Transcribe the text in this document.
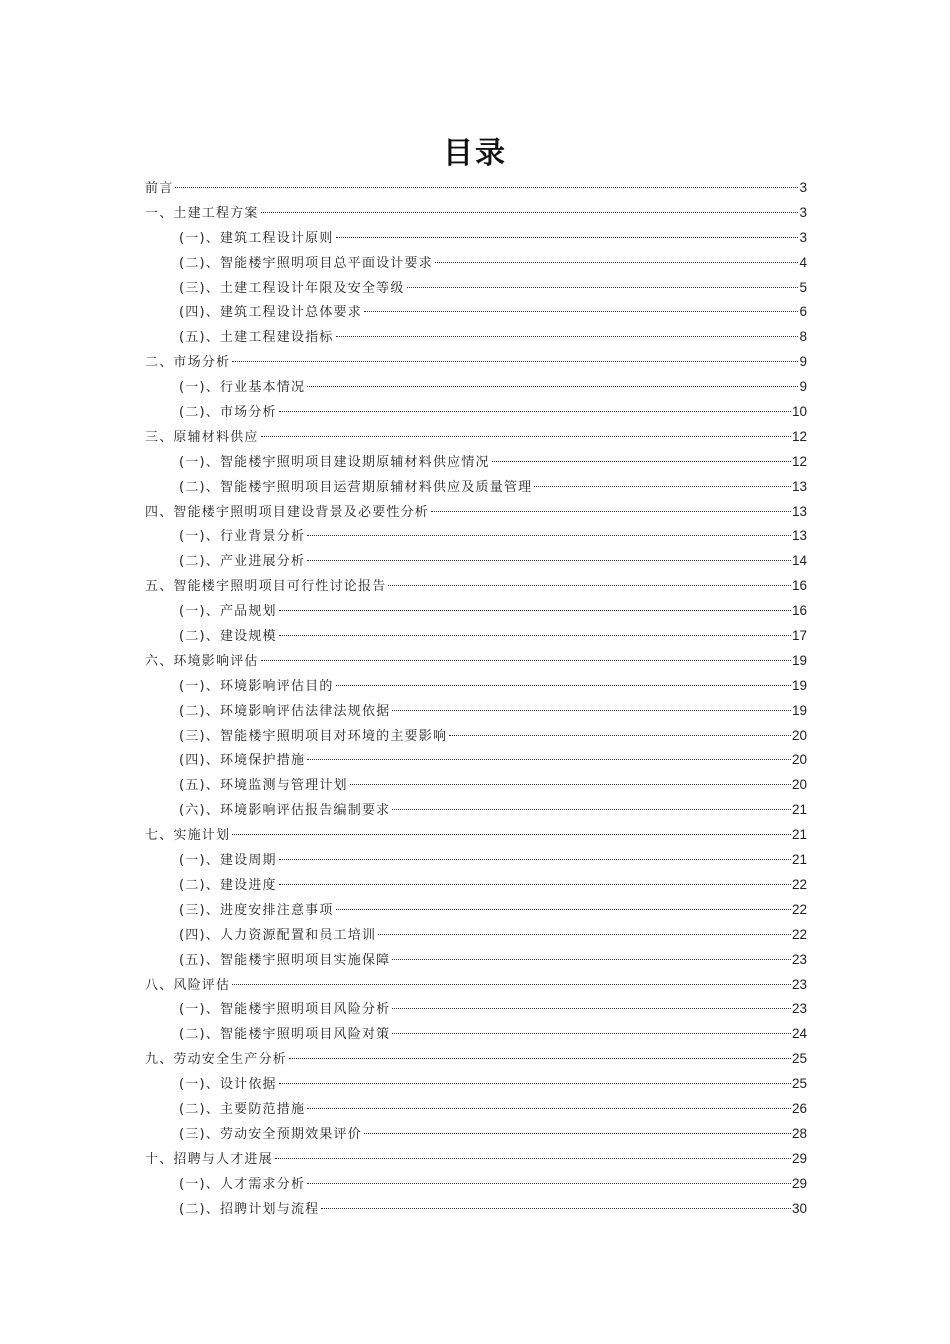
目录
前言	3
一、土建工程方案	3
(一)、建筑工程设计原则	3
(二)、智能楼宇照明项目总平面设计要求	4
(三)、土建工程设计年限及安全等级	5
(四)、建筑工程设计总体要求	6
(五)、土建工程建设指标	8
二、市场分析	9
(一)、行业基本情况	9
(二)、市场分析	10
三、原辅材料供应	12
(一)、智能楼宇照明项目建设期原辅材料供应情况	12
(二)、智能楼宇照明项目运营期原辅材料供应及质量管理	13
四、智能楼宇照明项目建设背景及必要性分析	13
(一)、行业背景分析	13
(二)、产业进展分析	14
五、智能楼宇照明项目可行性讨论报告	16
(一)、产品规划	16
(二)、建设规模	17
六、环境影响评估	19
(一)、环境影响评估目的	19
(二)、环境影响评估法律法规依据	19
(三)、智能楼宇照明项目对环境的主要影响	20
(四)、环境保护措施	20
(五)、环境监测与管理计划	20
(六)、环境影响评估报告编制要求	21
七、实施计划	21
(一)、建设周期	21
(二)、建设进度	22
(三)、进度安排注意事项	22
(四)、人力资源配置和员工培训	22
(五)、智能楼宇照明项目实施保障	23
八、风险评估	23
(一)、智能楼宇照明项目风险分析	23
(二)、智能楼宇照明项目风险对策	24
九、劳动安全生产分析	25
(一)、设计依据	25
(二)、主要防范措施	26
(三)、劳动安全预期效果评价	28
十、招聘与人才进展	29
(一)、人才需求分析	29
(二)、招聘计划与流程	30
